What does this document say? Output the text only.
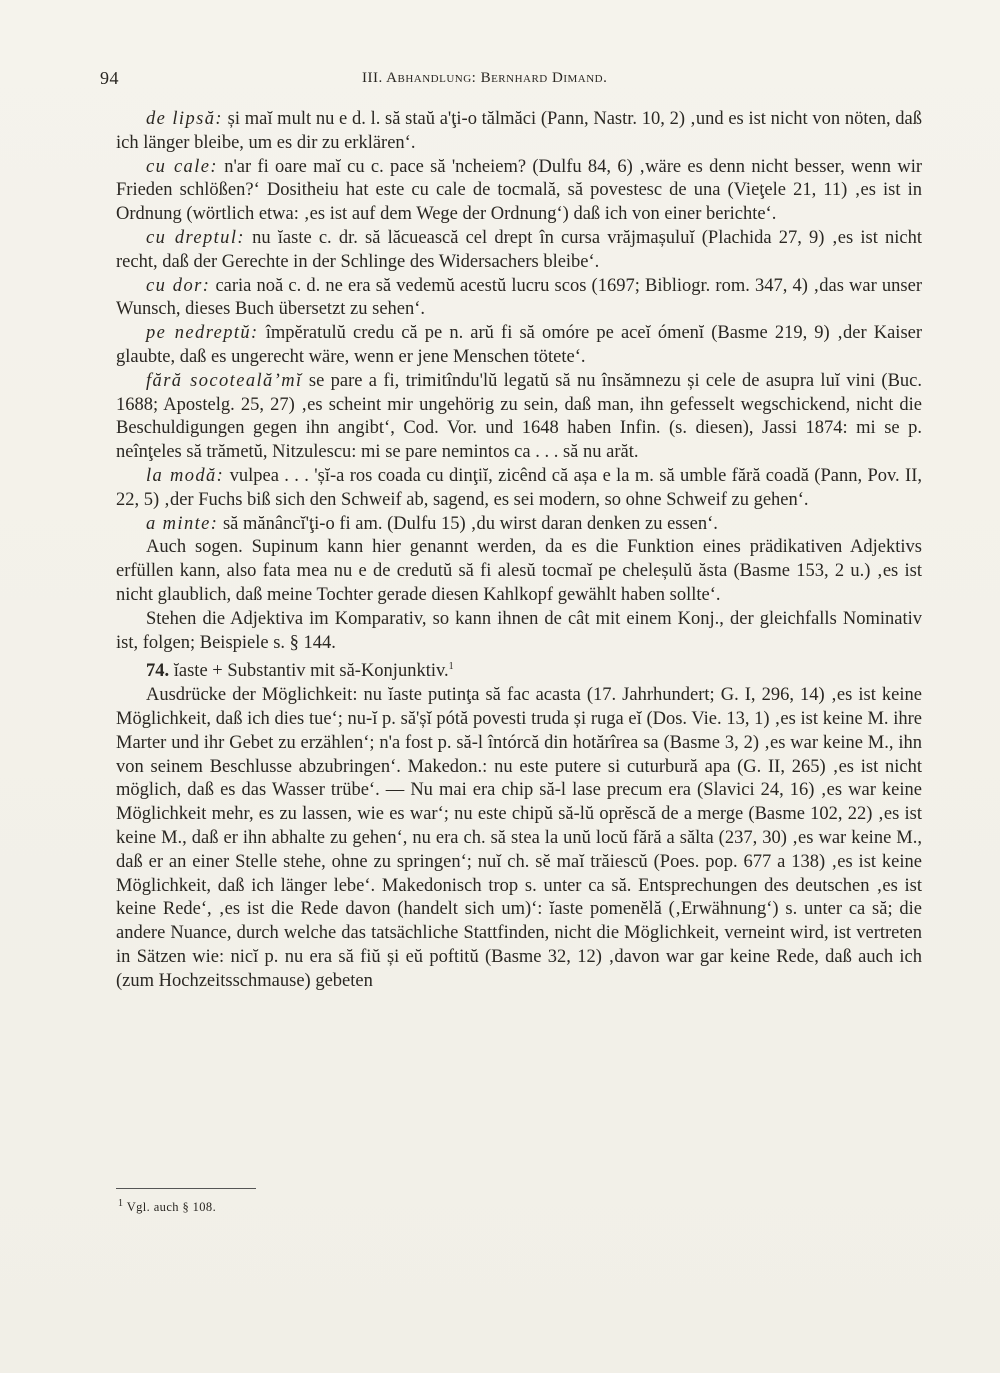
94	III. Abhandlung: Bernhard Dimand.

de lipsă: și maĭ mult nu e d. l. să staŭ a'ţi-o tălmăci (Pann, Nastr. 10, 2) ‚und es ist nicht von nöten, daß ich länger bleibe, um es dir zu erklären‘.

cu cale: n'ar fi oare maĭ cu c. pace să 'ncheiem? (Dulfu 84, 6) ‚wäre es denn nicht besser, wenn wir Frieden schlößen?‘ Dositheiu hat este cu cale de tocmală, să povestesc de una (Vieţele 21, 11) ‚es ist in Ordnung (wörtlich etwa: ‚es ist auf dem Wege der Ordnung‘) daß ich von einer berichte‘.

cu dreptul: nu ĭaste c. dr. să lăcuească cel drept în cursa vrăjmașuluĭ (Plachida 27, 9) ‚es ist nicht recht, daß der Gerechte in der Schlinge des Widersachers bleibe‘.

cu dor: caria noă c. d. ne era să vedemŭ acestŭ lucru scos (1697; Bibliogr. rom. 347, 4) ‚das war unser Wunsch, dieses Buch übersetzt zu sehen‘.

pe nedreptŭ: împĕratulŭ credu că pe n. arŭ fi să omóre pe aceĭ ómenĭ (Basme 219, 9) ‚der Kaiser glaubte, daß es ungerecht wäre, wenn er jene Menschen tötete‘.

fără socotealăʼmĭ se pare a fi, trimitîndu'lŭ legatŭ să nu însămnezu și cele de asupra luĭ vini (Buc. 1688; Apostelg. 25, 27) ‚es scheint mir ungehörig zu sein, daß man, ihn gefesselt wegschickend, nicht die Beschuldigungen gegen ihn angibt‘, Cod. Vor. und 1648 haben Infin. (s. diesen), Jassi 1874: mi se p. neînţeles să trămetŭ, Nitzulescu: mi se pare nemintos ca . . . să nu arăt.

la modă: vulpea . . . 'șĭ-a ros coada cu dinţiĭ, zicênd că așa e la m. să umble fără coadă (Pann, Pov. II, 22, 5) ‚der Fuchs biß sich den Schweif ab, sagend, es sei modern, so ohne Schweif zu gehen‘.

a minte: să mănâncĭ'ţi-o fi am. (Dulfu 15) ‚du wirst daran denken zu essen‘.

Auch sogen. Supinum kann hier genannt werden, da es die Funktion eines prädikativen Adjektivs erfüllen kann, also fata mea nu e de credutŭ să fi alesŭ tocmaĭ pe cheleșulŭ ăsta (Basme 153, 2 u.) ‚es ist nicht glaublich, daß meine Tochter gerade diesen Kahlkopf gewählt haben sollte‘.

Stehen die Adjektiva im Komparativ, so kann ihnen de cât mit einem Konj., der gleichfalls Nominativ ist, folgen; Beispiele s. § 144.

74. ĭaste + Substantiv mit să-Konjunktiv.$^1$

Ausdrücke der Möglichkeit: nu ĭaste putinţa să fac acasta (17. Jahrhundert; G. I, 296, 14) ‚es ist keine Möglichkeit, daß ich dies tue‘; nu-ĭ p. să'șĭ pótă povesti truda și ruga eĭ (Dos. Vie. 13, 1) ‚es ist keine M. ihre Marter und ihr Gebet zu erzählen‘; n'a fost p. să-l întórcă din hotărîrea sa (Basme 3, 2) ‚es war keine M., ihn von seinem Beschlusse abzubringen‘. Makedon.: nu este putere si cuturbură apa (G. II, 265) ‚es ist nicht möglich, daß es das Wasser trübe‘. — Nu mai era chip să-l lase precum era (Slavici 24, 16) ‚es war keine Möglichkeit mehr, es zu lassen, wie es war‘; nu este chipŭ să-lŭ oprĕscă de a merge (Basme 102, 22) ‚es ist keine M., daß er ihn abhalte zu gehen‘, nu era ch. să stea la unŭ locŭ fără a sălta (237, 30) ‚es war keine M., daß er an einer Stelle stehe, ohne zu springen‘; nuĭ ch. sĕ maĭ trăiescŭ (Poes. pop. 677 a 138) ‚es ist keine Möglichkeit, daß ich länger lebe‘. Makedonisch trop s. unter ca să. Entsprechungen des deutschen ‚es ist keine Rede‘, ‚es ist die Rede davon (handelt sich um)‘: ĭaste pomenĕlă (‚Erwähnung‘) s. unter ca să; die andere Nuance, durch welche das tatsächliche Stattfinden, nicht die Möglichkeit, verneint wird, ist vertreten in Sätzen wie: nicĭ p. nu era să fiŭ și eŭ poftitŭ (Basme 32, 12) ‚davon war gar keine Rede, daß auch ich (zum Hochzeitsschmause) gebeten

$^1$ Vgl. auch § 108.
